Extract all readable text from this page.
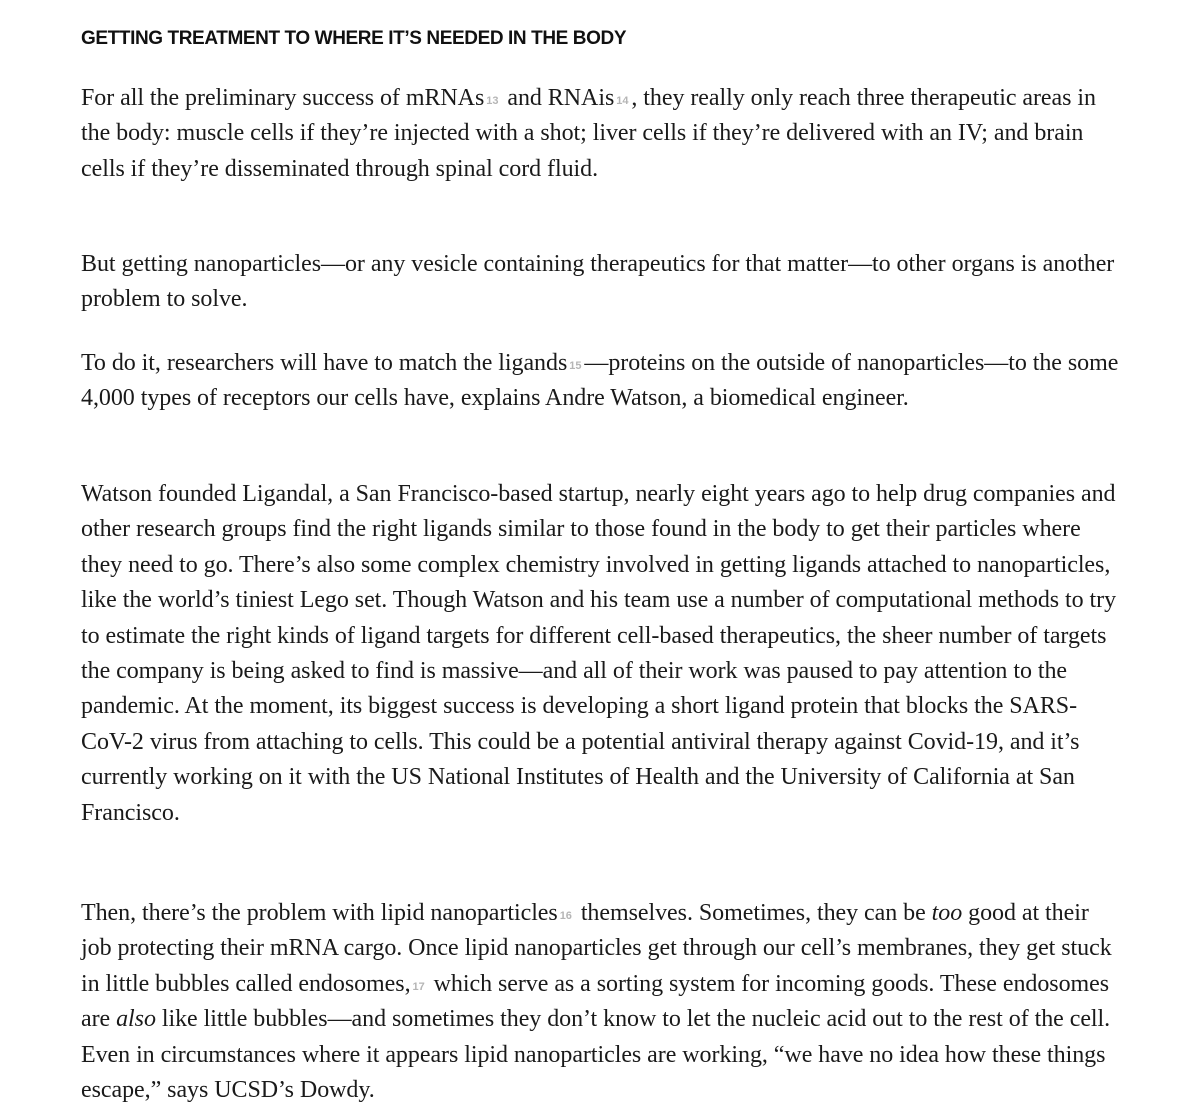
GETTING TREATMENT TO WHERE IT’S NEEDED IN THE BODY

For all the preliminary success of mRNAs 13 and RNAis 14 , they really only reach three therapeutic areas in the body: muscle cells if they’re injected with a shot; liver cells if they’re delivered with an IV; and brain cells if they’re disseminated through spinal cord fluid.

But getting nanoparticles—or any vesicle containing therapeutics for that matter—to other organs is another problem to solve.

To do it, researchers will have to match the ligands 15 —proteins on the outside of nanoparticles—to the some 4,000 types of receptors our cells have, explains Andre Watson, a biomedical engineer.

Watson founded Ligandal, a San Francisco-based startup, nearly eight years ago to help drug companies and other research groups find the right ligands similar to those found in the body to get their particles where they need to go. There’s also some complex chemistry involved in getting ligands attached to nanoparticles, like the world’s tiniest Lego set. Though Watson and his team use a number of computational methods to try to estimate the right kinds of ligand targets for different cell-based therapeutics, the sheer number of targets the company is being asked to find is massive—and all of their work was paused to pay attention to the pandemic. At the moment, its biggest success is developing a short ligand protein that blocks the SARS-CoV-2 virus from attaching to cells. This could be a potential antiviral therapy against Covid-19, and it’s currently working on it with the US National Institutes of Health and the University of California at San Francisco.

Then, there’s the problem with lipid nanoparticles 16 themselves. Sometimes, they can be too good at their job protecting their mRNA cargo. Once lipid nanoparticles get through our cell’s membranes, they get stuck in little bubbles called endosomes, 17 which serve as a sorting system for incoming goods. These endosomes are also like little bubbles—and sometimes they don’t know to let the nucleic acid out to the rest of the cell. Even in circumstances where it appears lipid nanoparticles are working, “we have no idea how these things escape,” says UCSD’s Dowdy.
